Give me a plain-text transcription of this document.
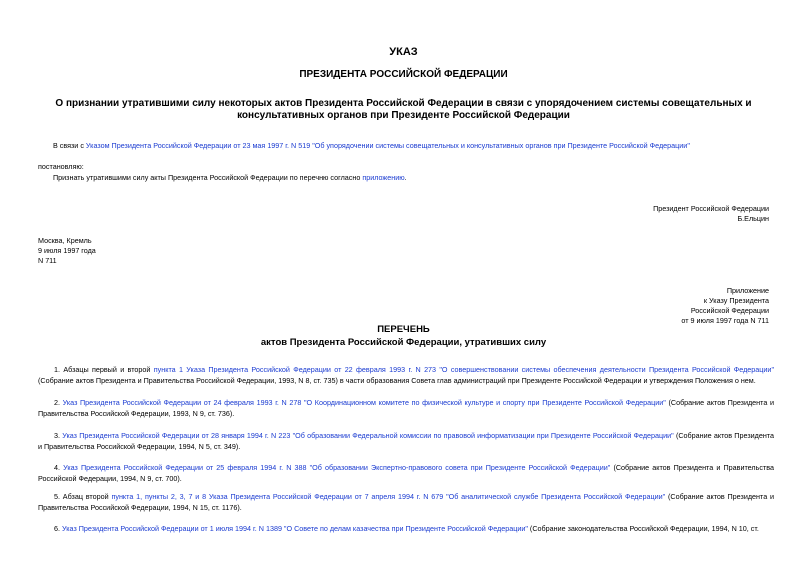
УКАЗ
ПРЕЗИДЕНТА РОССИЙСКОЙ ФЕДЕРАЦИИ
О признании утратившими силу некоторых актов Президента Российской Федерации в связи с упорядочением системы совещательных и консультативных органов при Президенте Российской Федерации
В связи с Указом Президента Российской Федерации от 23 мая 1997 г. N 519 "Об упорядочении системы совещательных и консультативных органов при Президенте Российской Федерации"
постановляю:
Признать утратившими силу акты Президента Российской Федерации по перечню согласно приложению.
Президент Российской Федерации
Б.Ельцин
Москва, Кремль
9 июля 1997 года
N 711
Приложение
к Указу Президента
Российской Федерации
от 9 июля 1997 года N 711
ПЕРЕЧЕНЬ
актов Президента Российской Федерации, утративших силу
1. Абзацы первый и второй пункта 1 Указа Президента Российской Федерации от 22 февраля 1993 г. N 273 "О совершенствовании системы обеспечения деятельности Президента Российской Федерации" (Собрание актов Президента и Правительства Российской Федерации, 1993, N 8, ст. 735) в части образования Совета глав администраций при Президенте Российской Федерации и утверждения Положения о нем.
2. Указ Президента Российской Федерации от 24 февраля 1993 г. N 278 "О Координационном комитете по физической культуре и спорту при Президенте Российской Федерации" (Собрание актов Президента и Правительства Российской Федерации, 1993, N 9, ст. 736).
3. Указ Президента Российской Федерации от 28 января 1994 г. N 223 "Об образовании Федеральной комиссии по правовой информатизации при Президенте Российской Федерации" (Собрание актов Президента и Правительства Российской Федерации, 1994, N 5, ст. 349).
4. Указ Президента Российской Федерации от 25 февраля 1994 г. N 388 "Об образовании Экспертно-правового совета при Президенте Российской Федерации" (Собрание актов Президента и Правительства Российской Федерации, 1994, N 9, ст. 700).
5. Абзац второй пункта 1, пункты 2, 3, 7 и 8 Указа Президента Российской Федерации от 7 апреля 1994 г. N 679 "Об аналитической службе Президента Российской Федерации" (Собрание актов Президента и Правительства Российской Федерации, 1994, N 15, ст. 1176).
6. Указ Президента Российской Федерации от 1 июля 1994 г. N 1389 "О Совете по делам казачества при Президенте Российской Федерации" (Собрание законодательства Российской Федерации, 1994, N 10, ст.
